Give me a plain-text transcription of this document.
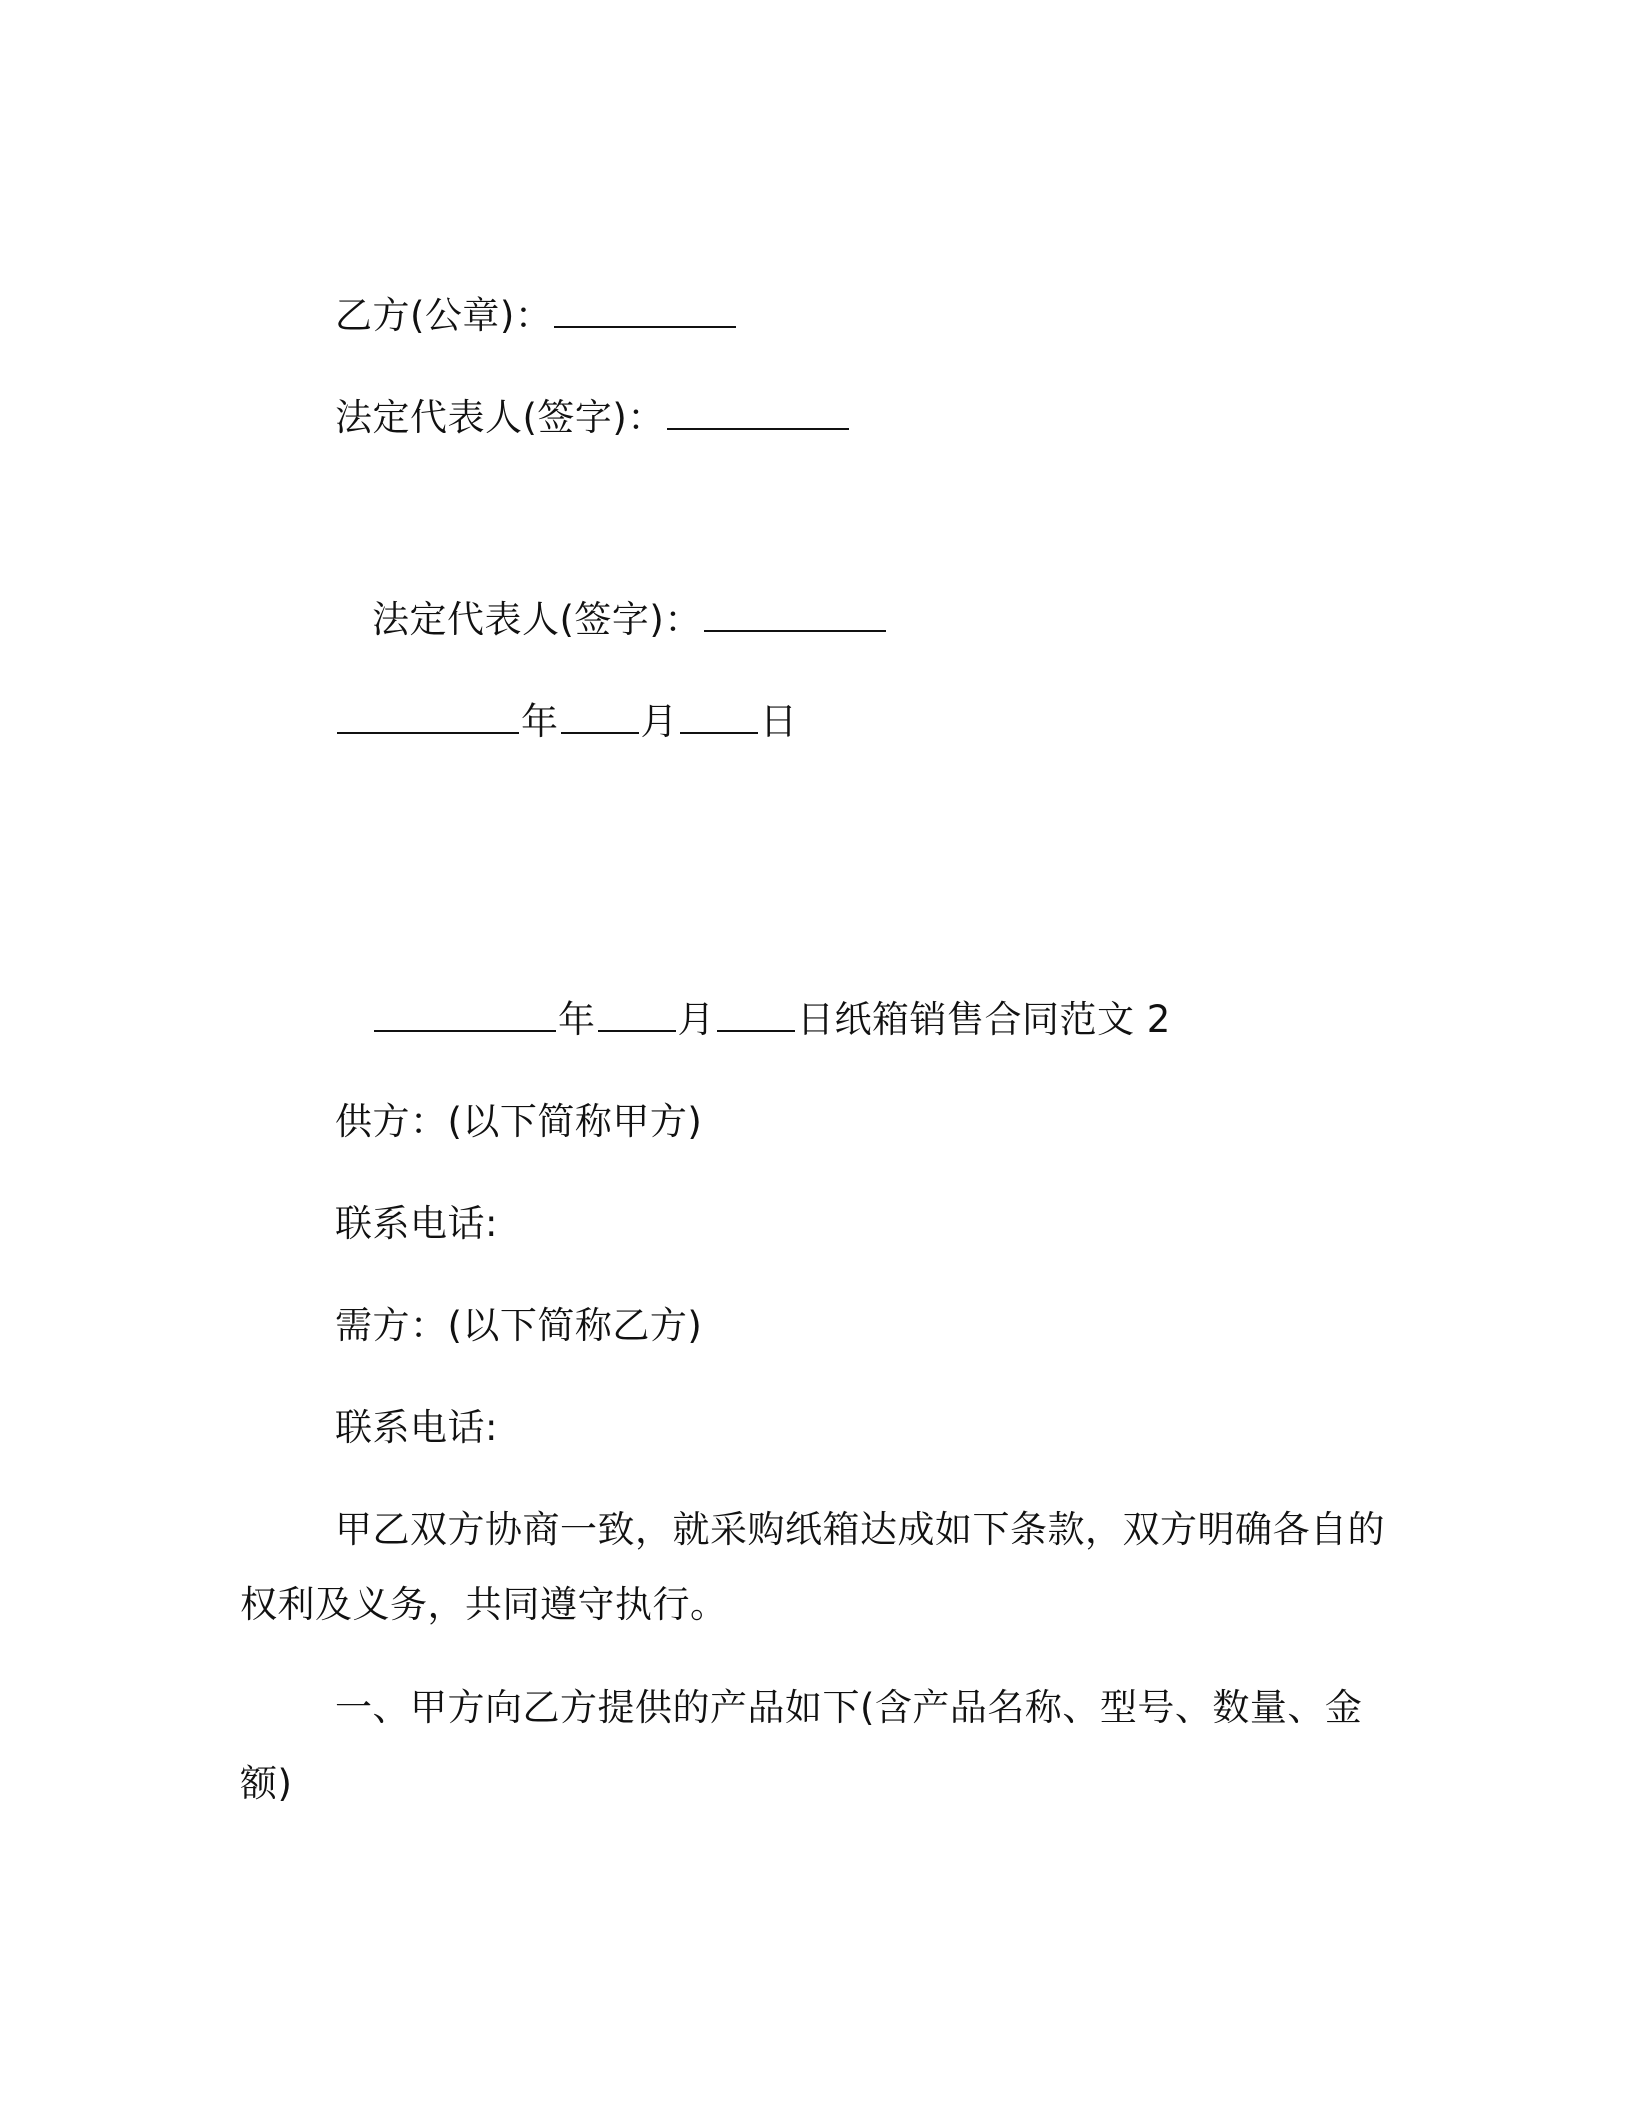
乙方(公章)：
法定代表人(签字)：
法定代表人(签字)：
年 月 日
年 月 日纸箱销售合同范文 2
供方：(以下简称甲方)
联系电话:
需方：(以下简称乙方)
联系电话:
甲乙双方协商一致，就采购纸箱达成如下条款，双方明确各自的
权利及义务，共同遵守执行。
一、甲方向乙方提供的产品如下(含产品名称、型号、数量、金
额)
